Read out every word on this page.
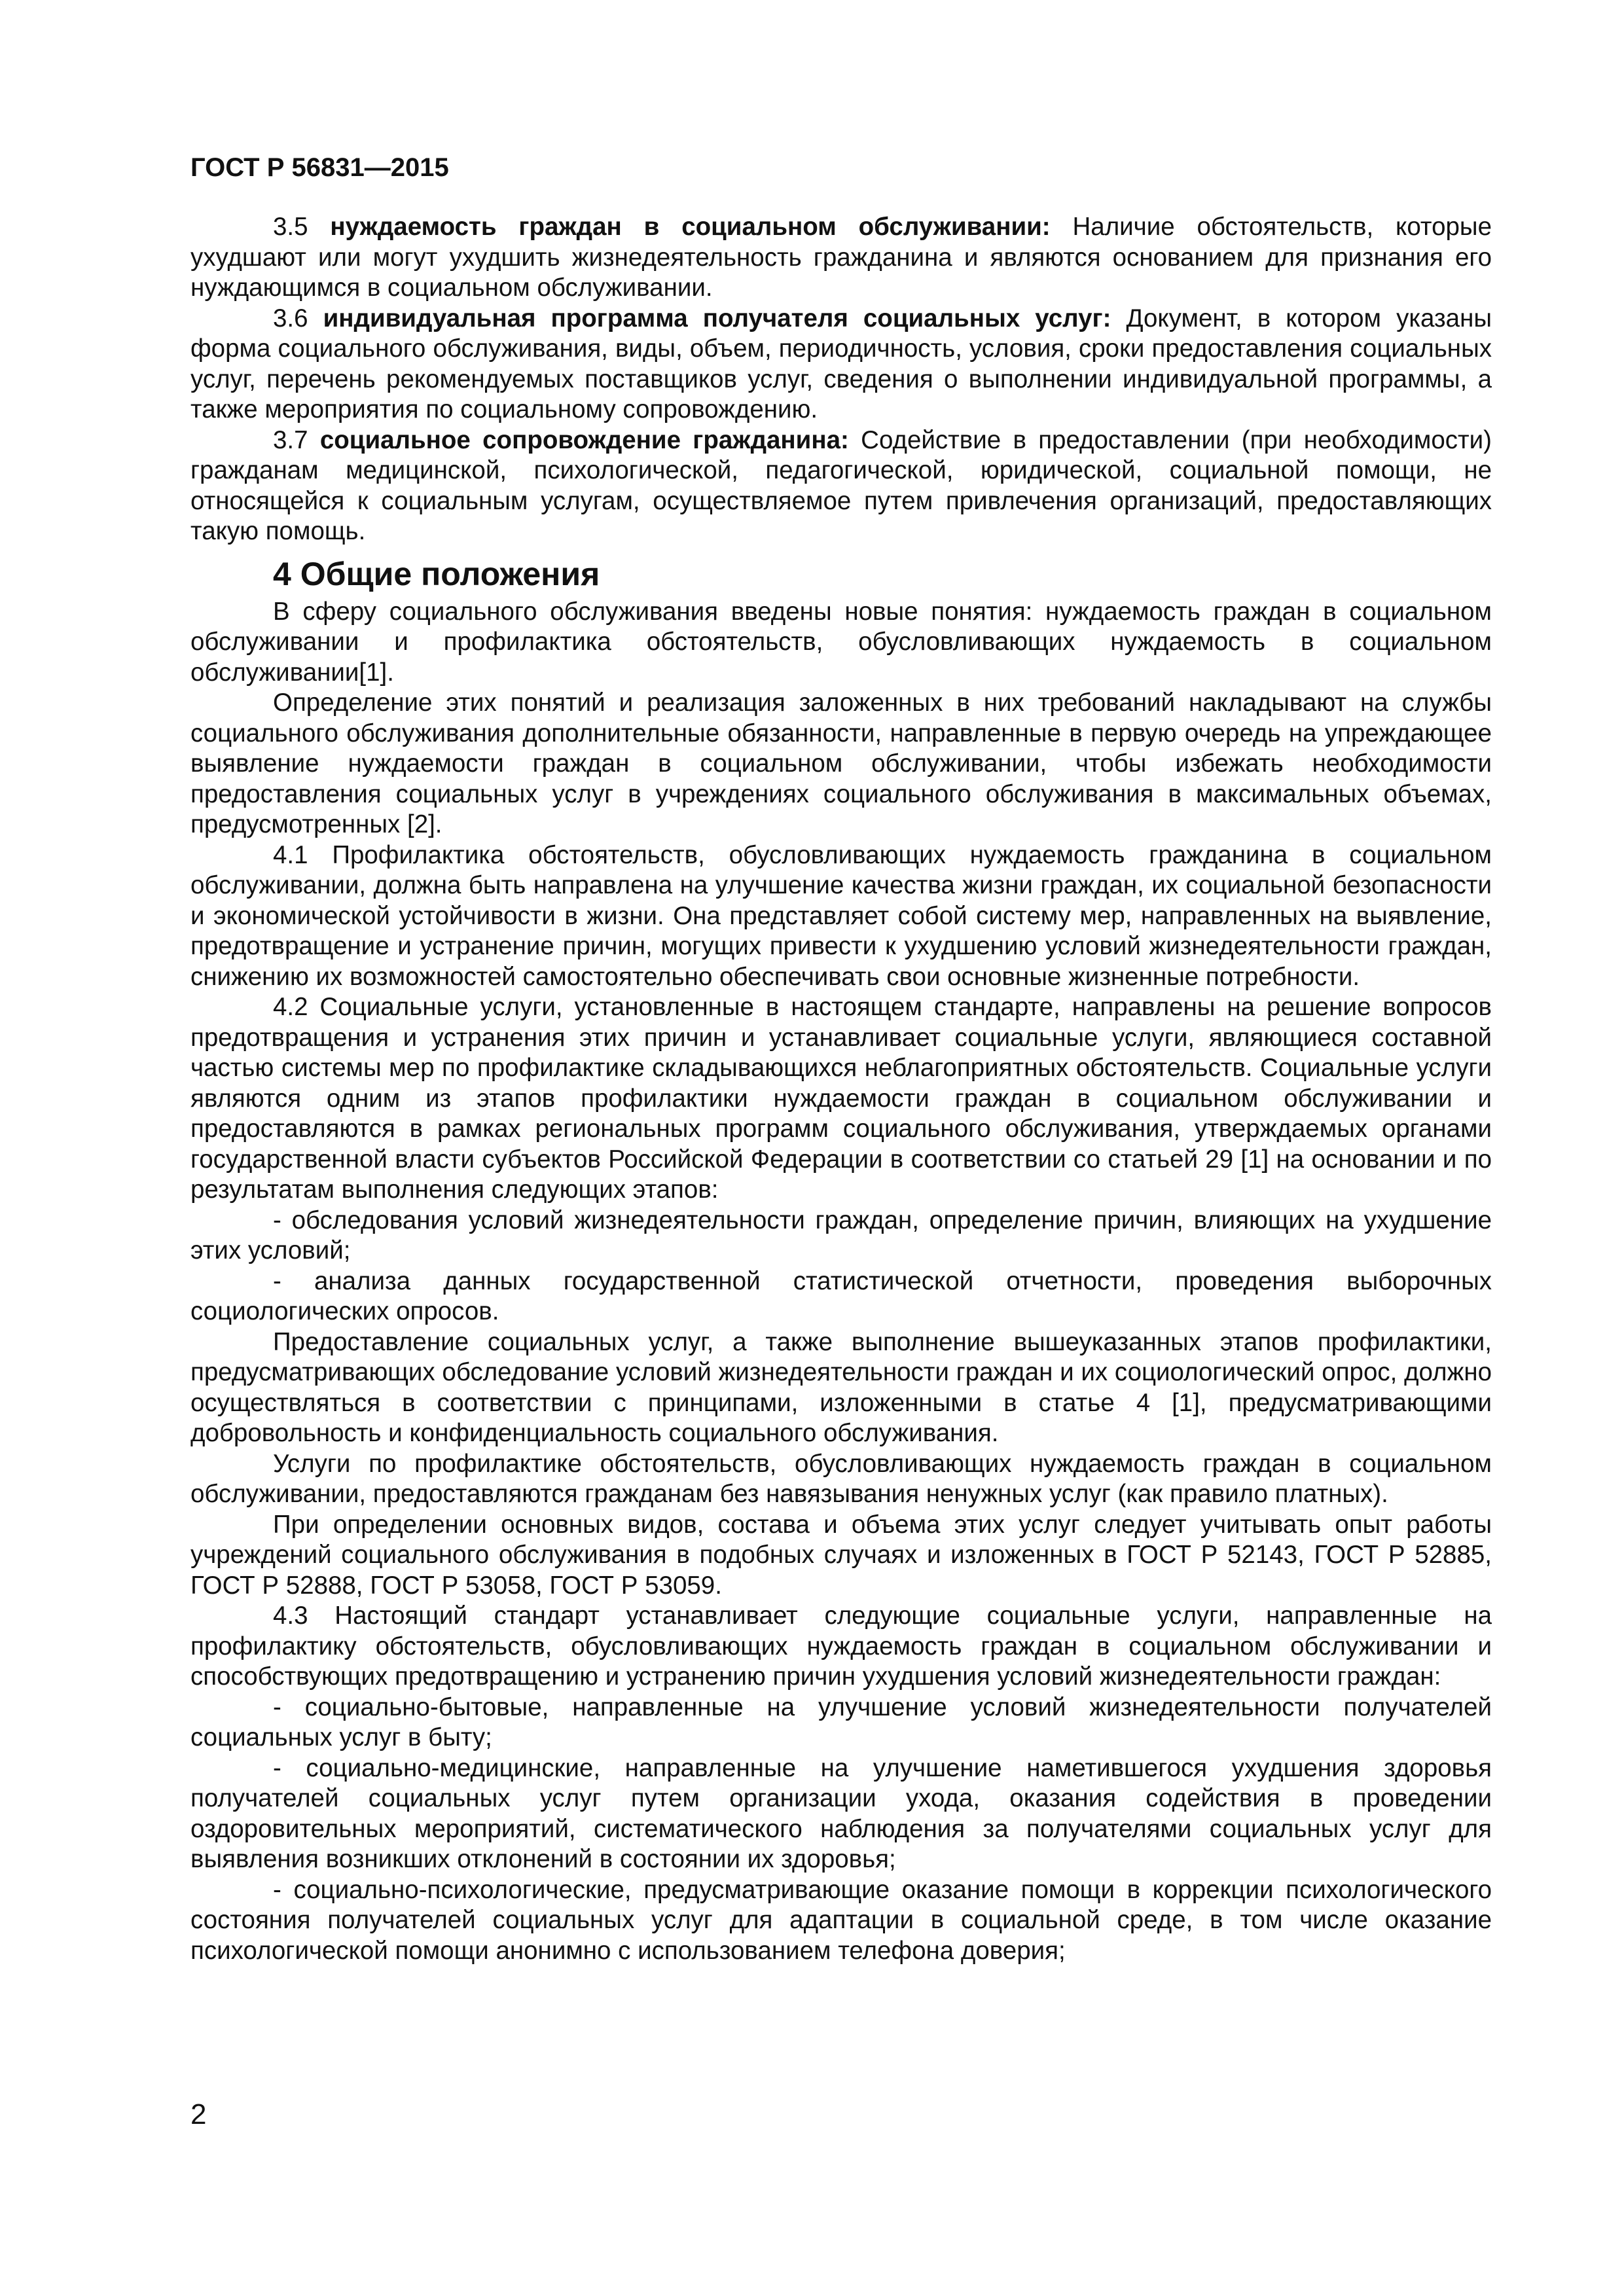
ГОСТ Р 56831—2015

3.5 нуждаемость граждан в социальном обслуживании: Наличие обстоятельств, которые ухудшают или могут ухудшить жизнедеятельность гражданина и являются основанием для признания его нуждающимся в социальном обслуживании.

3.6 индивидуальная программа получателя социальных услуг: Документ, в котором указаны форма социального обслуживания, виды, объем, периодичность, условия, сроки предоставления социальных услуг, перечень рекомендуемых поставщиков услуг, сведения о выполнении индивидуальной программы, а также мероприятия по социальному сопровождению.

3.7 социальное сопровождение гражданина: Содействие в предоставлении (при необходимости) гражданам медицинской, психологической, педагогической, юридической, социальной помощи, не относящейся к социальным услугам, осуществляемое путем привлечения организаций, предоставляющих такую помощь.

4 Общие положения

В сферу социального обслуживания введены новые понятия: нуждаемость граждан в социальном обслуживании и профилактика обстоятельств, обусловливающих нуждаемость в социальном обслуживании[1].

Определение этих понятий и реализация заложенных в них требований накладывают на службы социального обслуживания дополнительные обязанности, направленные в первую очередь на упреждающее выявление нуждаемости граждан в социальном обслуживании, чтобы избежать необходимости предоставления социальных услуг в учреждениях социального обслуживания в максимальных объемах, предусмотренных [2].

4.1 Профилактика обстоятельств, обусловливающих нуждаемость гражданина в социальном обслуживании, должна быть направлена на улучшение качества жизни граждан, их социальной безопасности и экономической устойчивости в жизни. Она представляет собой систему мер, направленных на выявление, предотвращение и устранение причин, могущих привести к ухудшению условий жизнедеятельности граждан, снижению их возможностей самостоятельно обеспечивать свои основные жизненные потребности.

4.2 Социальные услуги, установленные в настоящем стандарте, направлены на решение вопросов предотвращения и устранения этих причин и устанавливает социальные услуги, являющиеся составной частью системы мер по профилактике складывающихся неблагоприятных обстоятельств. Социальные услуги являются одним из этапов профилактики нуждаемости граждан в социальном обслуживании и предоставляются в рамках региональных программ социального обслуживания, утверждаемых органами государственной власти субъектов Российской Федерации в соответствии со статьей 29 [1] на основании и по результатам выполнения следующих этапов:

- обследования условий жизнедеятельности граждан, определение причин, влияющих на ухудшение этих условий;

- анализа данных государственной статистической отчетности, проведения выборочных социологических опросов.

Предоставление социальных услуг, а также выполнение вышеуказанных этапов профилактики, предусматривающих обследование условий жизнедеятельности граждан и их социологический опрос, должно осуществляться в соответствии с принципами, изложенными в статье 4 [1], предусматривающими добровольность и конфиденциальность социального обслуживания.

Услуги по профилактике обстоятельств, обусловливающих нуждаемость граждан в социальном обслуживании, предоставляются гражданам без навязывания ненужных услуг (как правило платных).

При определении основных видов, состава и объема этих услуг следует учитывать опыт работы учреждений социального обслуживания в подобных случаях и изложенных в ГОСТ Р 52143, ГОСТ Р 52885, ГОСТ Р 52888, ГОСТ Р 53058, ГОСТ Р 53059.

4.3 Настоящий стандарт устанавливает следующие социальные услуги, направленные на профилактику обстоятельств, обусловливающих нуждаемость граждан в социальном обслуживании и способствующих предотвращению и устранению причин ухудшения условий жизнедеятельности граждан:

- социально-бытовые, направленные на улучшение условий жизнедеятельности получателей социальных услуг в быту;

- социально-медицинские, направленные на улучшение наметившегося ухудшения здоровья получателей социальных услуг путем организации ухода, оказания содействия в проведении оздоровительных мероприятий, систематического наблюдения за получателями социальных услуг для выявления возникших отклонений в состоянии их здоровья;

- социально-психологические, предусматривающие оказание помощи в коррекции психологического состояния получателей социальных услуг для адаптации в социальной среде, в том числе оказание психологической помощи анонимно с использованием телефона доверия;

2
